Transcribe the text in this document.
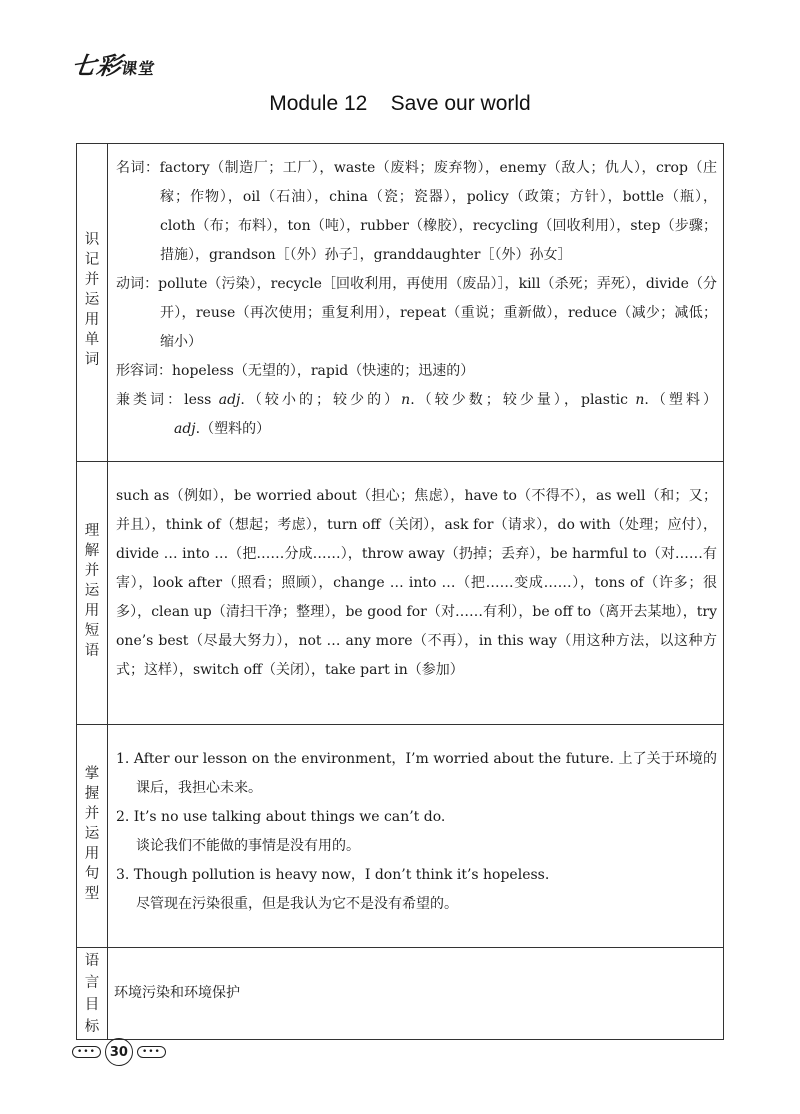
七彩课堂
Module 12    Save our world
识记并运用单词	名词：factory（制造厂；工厂），waste（废料；废弃物），enemy（敌人；仇人），crop（庄稼；作物），oil（石油），china（瓷；瓷器），policy（政策；方针），bottle（瓶），cloth（布；布料），ton（吨），rubber（橡胶），recycling（回收利用），step（步骤；措施），grandson［（外）孙子］，granddaughter［（外）孙女］

动词：pollute（污染），recycle［回收利用，再使用（废品）］，kill（杀死；弄死），divide（分开），reuse（再次使用；重复利用），repeat（重说；重新做），reduce（减少；减低；缩小）

形容词：hopeless（无望的），rapid（快速的；迅速的）

兼类词：less adj.（较小的；较少的）n.（较少数；较少量），plastic n.（塑料）adj.（塑料的）

理解并运用短语	such as（例如），be worried about（担心；焦虑），have to（不得不），as well（和；又；并且），think of（想起；考虑），turn off（关闭），ask for（请求），do with（处理；应付），divide … into …（把……分成……），throw away（扔掉；丢弃），be harmful to（对……有害），look after（照看；照顾），change … into …（把……变成……），tons of（许多；很多），clean up（清扫干净；整理），be good for（对……有利），be off to（离开去某地），try one’s best（尽最大努力），not … any more（不再），in this way（用这种方法，以这种方式；这样），switch off（关闭），take part in（参加）

掌握并运用句型	1. After our lesson on the environment，I’m worried about the future. 上了关于环境的课后，我担心未来。

2. It’s no use talking about things we can’t do.

谈论我们不能做的事情是没有用的。

3. Though pollution is heavy now，I don’t think it’s hopeless.

尽管现在污染很重，但是我认为它不是没有希望的。

语言
目标	环境污染和环境保护
•••	30	•••
